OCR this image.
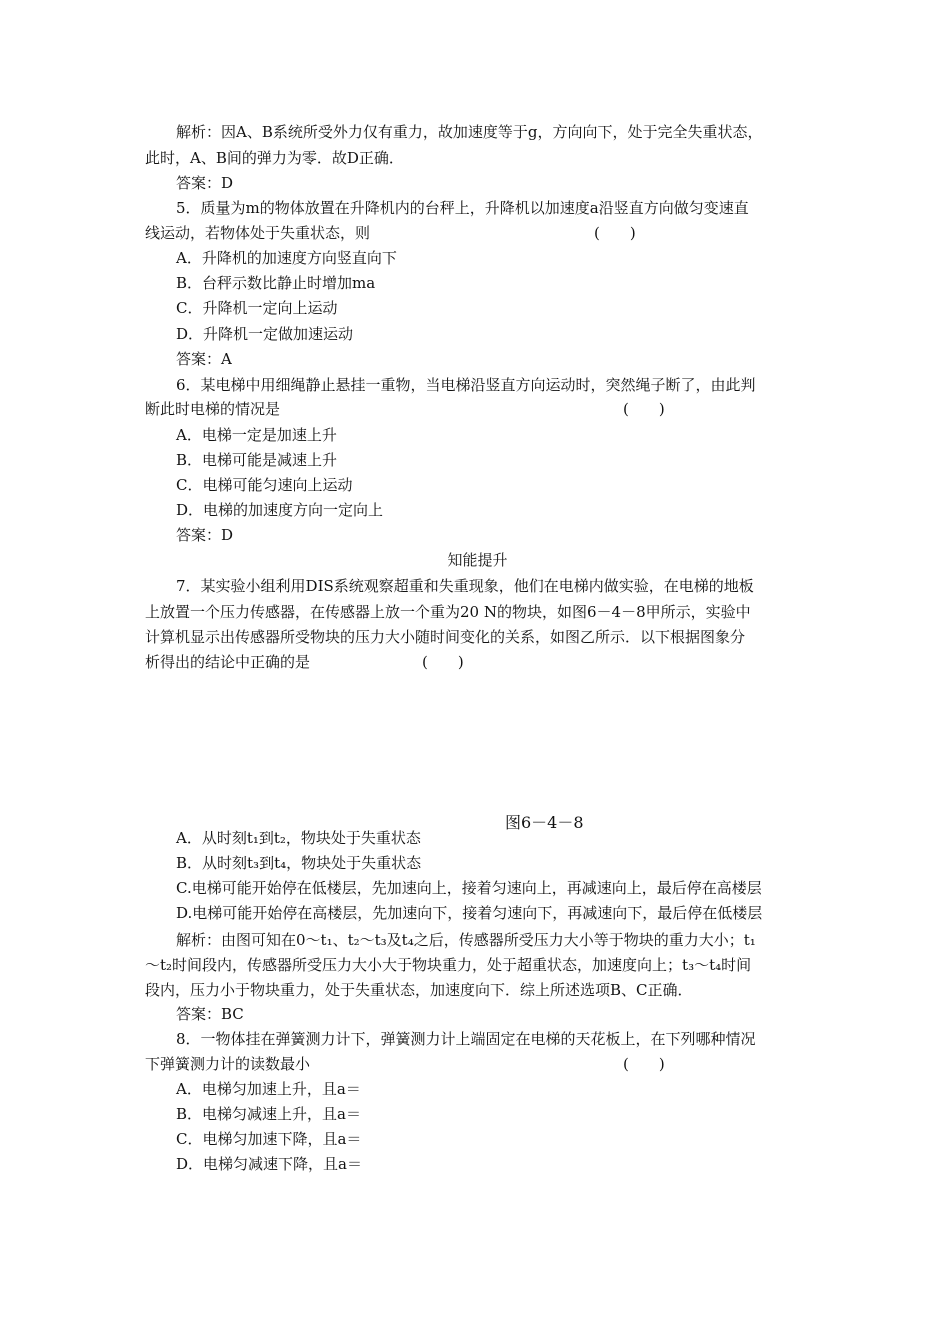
解析：因A、B系统所受外力仅有重力，故加速度等于g，方向向下，处于完全失重状态，
此时，A、B间的弹力为零．故D正确．
答案：D
5．质量为m的物体放置在升降机内的台秤上，升降机以加速度a沿竖直方向做匀变速直
线运动，若物体处于失重状态，则	(　　)
A．升降机的加速度方向竖直向下
B．台秤示数比静止时增加ma
C．升降机一定向上运动
D．升降机一定做加速运动
答案：A
6．某电梯中用细绳静止悬挂一重物，当电梯沿竖直方向运动时，突然绳子断了，由此判
断此时电梯的情况是	(　　)
A．电梯一定是加速上升
B．电梯可能是减速上升
C．电梯可能匀速向上运动
D．电梯的加速度方向一定向上
答案：D
知能提升
7．某实验小组利用DIS系统观察超重和失重现象，他们在电梯内做实验，在电梯的地板
上放置一个压力传感器，在传感器上放一个重为20 N的物块，如图6－4－8甲所示，实验中
计算机显示出传感器所受物块的压力大小随时间变化的关系，如图乙所示．以下根据图象分
析得出的结论中正确的是	(　　)
图6－4－8
A．从时刻t₁到t₂，物块处于失重状态
B．从时刻t₃到t₄，物块处于失重状态
C.电梯可能开始停在低楼层，先加速向上，接着匀速向上，再减速向上，最后停在高楼层
D.电梯可能开始停在高楼层，先加速向下，接着匀速向下，再减速向下，最后停在低楼层
解析：由图可知在0～t₁、t₂～t₃及t₄之后，传感器所受压力大小等于物块的重力大小；t₁
～t₂时间段内，传感器所受压力大小大于物块重力，处于超重状态，加速度向上；t₃～t₄时间
段内，压力小于物块重力，处于失重状态，加速度向下．综上所述选项B、C正确．
答案：BC
8．一物体挂在弹簧测力计下，弹簧测力计上端固定在电梯的天花板上，在下列哪种情况
下弹簧测力计的读数最小	(　　)
A．电梯匀加速上升，且a＝
B．电梯匀减速上升，且a＝
C．电梯匀加速下降，且a＝
D．电梯匀减速下降，且a＝
